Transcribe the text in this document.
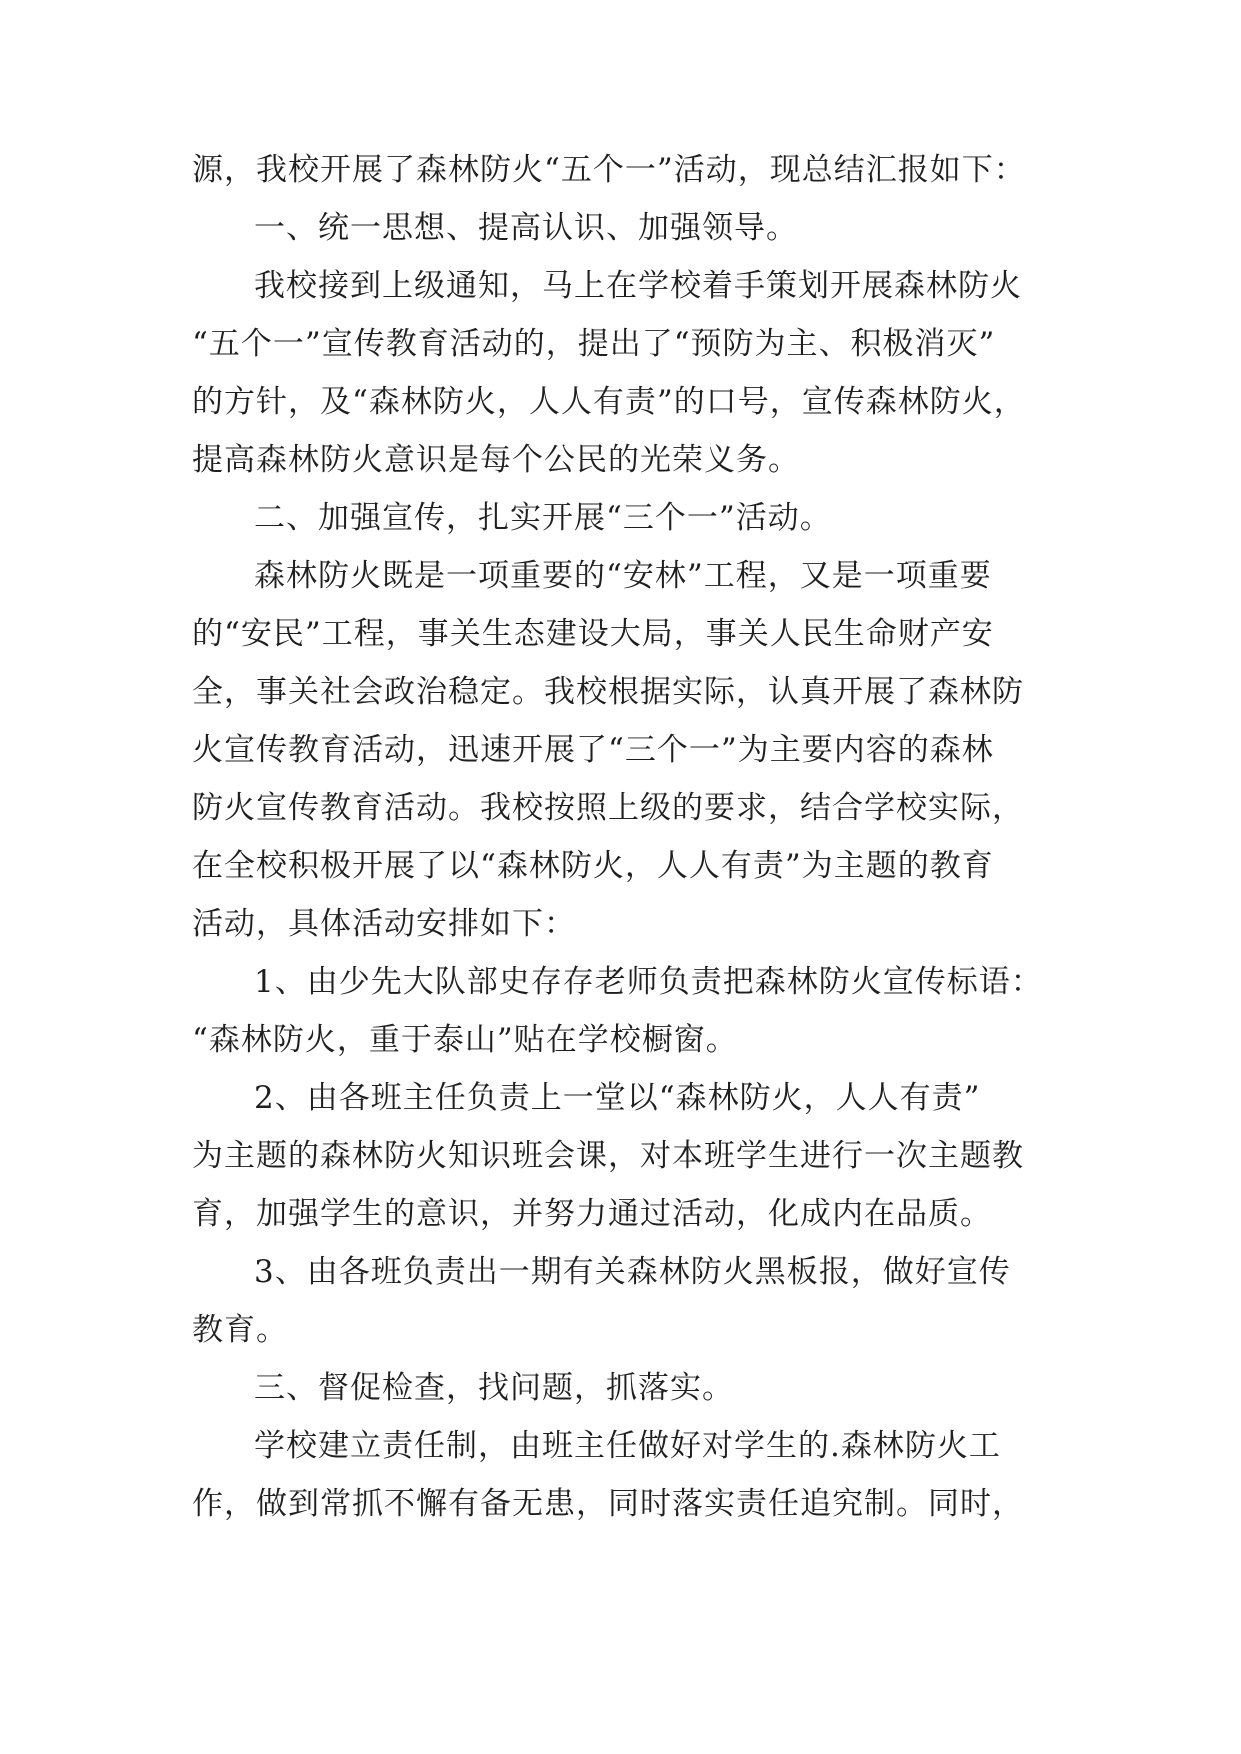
源，我校开展了森林防火“五个一”活动，现总结汇报如下：

一、统一思想、提高认识、加强领导。

我校接到上级通知，马上在学校着手策划开展森林防火

“五个一”宣传教育活动的，提出了“预防为主、积极消灭”

的方针，及“森林防火，人人有责”的口号，宣传森林防火，

提高森林防火意识是每个公民的光荣义务。

二、加强宣传，扎实开展“三个一”活动。

森林防火既是一项重要的“安林”工程，又是一项重要

的“安民”工程，事关生态建设大局，事关人民生命财产安

全，事关社会政治稳定。我校根据实际，认真开展了森林防

火宣传教育活动，迅速开展了“三个一”为主要内容的森林

防火宣传教育活动。我校按照上级的要求，结合学校实际，

在全校积极开展了以“森林防火，人人有责”为主题的教育

活动，具体活动安排如下：

1、由少先大队部史存存老师负责把森林防火宣传标语：

“森林防火，重于泰山”贴在学校橱窗。

2、由各班主任负责上一堂以“森林防火，人人有责”

为主题的森林防火知识班会课，对本班学生进行一次主题教

育，加强学生的意识，并努力通过活动，化成内在品质。

3、由各班负责出一期有关森林防火黑板报，做好宣传

教育。

三、督促检查，找问题，抓落实。

学校建立责任制，由班主任做好对学生的.森林防火工

作，做到常抓不懈有备无患，同时落实责任追究制。同时，
